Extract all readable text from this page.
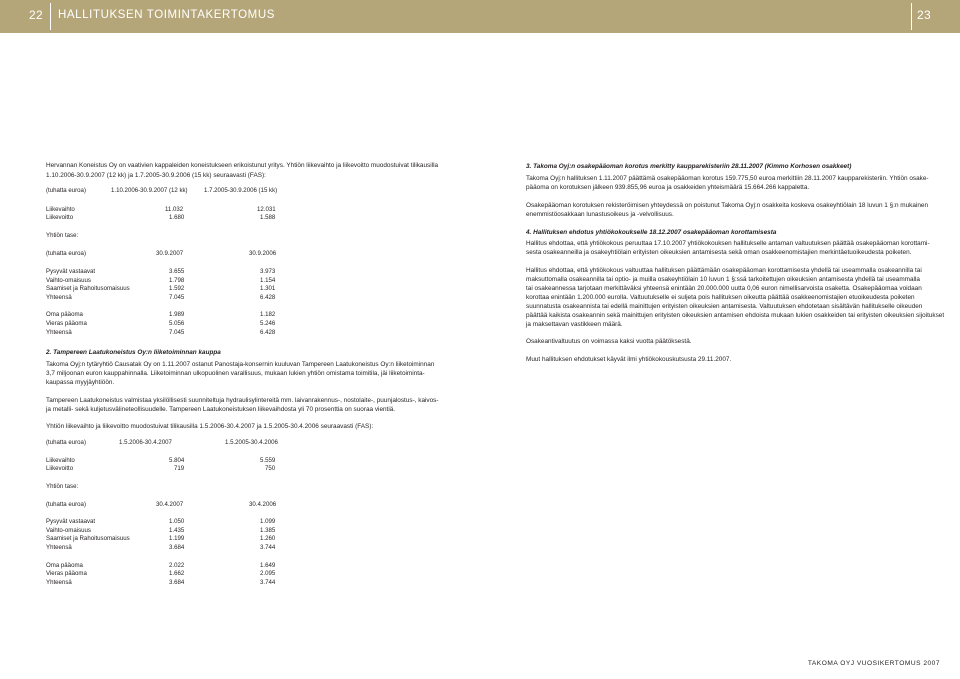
22 HALLITUKSEN TOIMINTAKERTOMUS	23
Hervannan Koneistus Oy on vaativien kappaleiden koneistukseen erikoistunut yritys. Yhtiön liikevaihto ja liikevoitto muodostuivat tilikausilla
1.10.2006-30.9.2007 (12 kk) ja 1.7.2005-30.9.2006 (15 kk) seuraavasti (FAS):
(tuhatta euroa)	1.10.2006-30.9.2007 (12 kk)	1.7.2005-30.9.2006 (15 kk)
Liikevaihto	11.032	12.031
Liikevoitto	1.680	1.588
Yhtiön tase:
(tuhatta euroa)	30.9.2007	30.9.2006
Pysyvät vastaavat	3.655	3.973
Vaihto-omaisuus	1.798	1.154
Saamiset ja Rahoitusomaisuus	1.592	1.301
Yhteensä	7.045	6.428
Oma pääoma	1.989	1.182
Vieras pääoma	5.056	5.246
Yhteensä	7.045	6.428
2. Tampereen Laatukoneistus Oy:n liiketoiminnan kauppa
Takoma Oyj:n tytäryhtiö Causatak Oy on 1.11.2007 ostanut Panostaja-konsernin kuuluvan Tampereen Laatukoneistus Oy:n liiketoiminnan
3,7 miljoonan euron kauppahinnalla. Liiketoiminnan ulkopuolinen varallisuus, mukaan lukien yhtiön omistama toimitila, jäi liiketoiminta-
kaupassa myyjäyhtiöön.
Tampereen Laatukoneistus valmistaa yksilöllisesti suunniteltuja hydraulisylintereitä mm. laivanrakennus-, nostolaite-, puunjalostus-, kaivos-
ja metalli- sekä kuljetusvälineteollisuudelle. Tampereen Laatukoneistuksen liikevaihdosta yli 70 prosenttia on suoraa vientiä.
Yhtiön liikevaihto ja liikevoitto muodostuivat tilikausilla 1.5.2006-30.4.2007 ja 1.5.2005-30.4.2006 seuraavasti (FAS):
(tuhatta euroa)	1.5.2006-30.4.2007	1.5.2005-30.4.2006
Liikevaihto	5.804	5.559
Liikevoitto	719	750
Yhtiön tase:
(tuhatta euroa)	30.4.2007	30.4.2006
Pysyvät vastaavat	1.050	1.099
Vaihto-omaisuus	1.435	1.385
Saamiset ja Rahoitusomaisuus	1.199	1.260
Yhteensä	3.684	3.744
Oma pääoma	2.022	1.649
Vieras pääoma	1.662	2.095
Yhteensä	3.684	3.744
3. Takoma Oyj:n osakepääoman korotus merkitty kaupparekisteriin 28.11.2007 (Kimmo Korhosen osakkeet)
Takoma Oyj:n hallituksen 1.11.2007 päättämä osakepääoman korotus 159.775,50 euroa merkittiin 28.11.2007 kaupparekisteriin. Yhtiön osake-
pääoma on korotuksen jälkeen 939.855,96 euroa ja osakkeiden yhteismäärä 15.664.266 kappaletta.
Osakepääoman korotuksen rekisteröimisen yhteydessä on poistunut Takoma Oyj:n osakkeita koskeva osakeyhtiölain 18 luvun 1 §:n mukainen
enemmistöosakkaan lunastusoikeus ja -velvollisuus.
4. Hallituksen ehdotus yhtiökokoukselle 18.12.2007 osakepääoman korottamisesta
Hallitus ehdottaa, että yhtiökokous peruuttaa 17.10.2007 yhtiökokouksen hallitukselle antaman valtuutuksen päättää osakepääoman korottami-
sesta osakeanneilla ja osakeyhtiölain erityisten oikeuksien antamisesta sekä oman osakkeenomistajien merkintäetuoikeudesta poiketen.
Hallitus ehdottaa, että yhtiökokous valtuuttaa hallituksen päättämään osakepääoman korottamisesta yhdellä tai useammalla osakeannilla tai
maksuttomalla osakeannilla tai optio- ja muilla osakeyhtiölain 10 luvun 1 §:ssä tarkoitettujen oikeuksien antamisesta yhdellä tai useammalla
tai osakeannessa tarjotaan merkittäväksi yhteensä enintään 20.000.000 uutta 0,06 euron nimellisarvoista osaketta. Osakepääomaa voidaan
korottaa enintään 1.200.000 eurolla. Valtuutukselle ei suljeta pois hallituksen oikeutta päättää osakkeenomistajien etuoikeudesta poiketen
suunnatusta osakeannista tai edellä mainittujen erityisten oikeuksien antamisesta. Valtuutuksen ehdotetaan sisältävän hallitukselle oikeuden
päättää kaikista osakeannin sekä mainittujen erityisten oikeuksien antamisen ehdoista mukaan lukien osakkeiden tai erityisten oikeuksien sijoitukset
ja maksettavan vastikkeen määrä.
Osakeantivaltuutus on voimassa kaksi vuotta päätöksestä.
Muut hallituksen ehdotukset käyvät ilmi yhtiökokouskutsusta 29.11.2007.
TAKOMA OYJ VUOSIKERTOMUS 2007
